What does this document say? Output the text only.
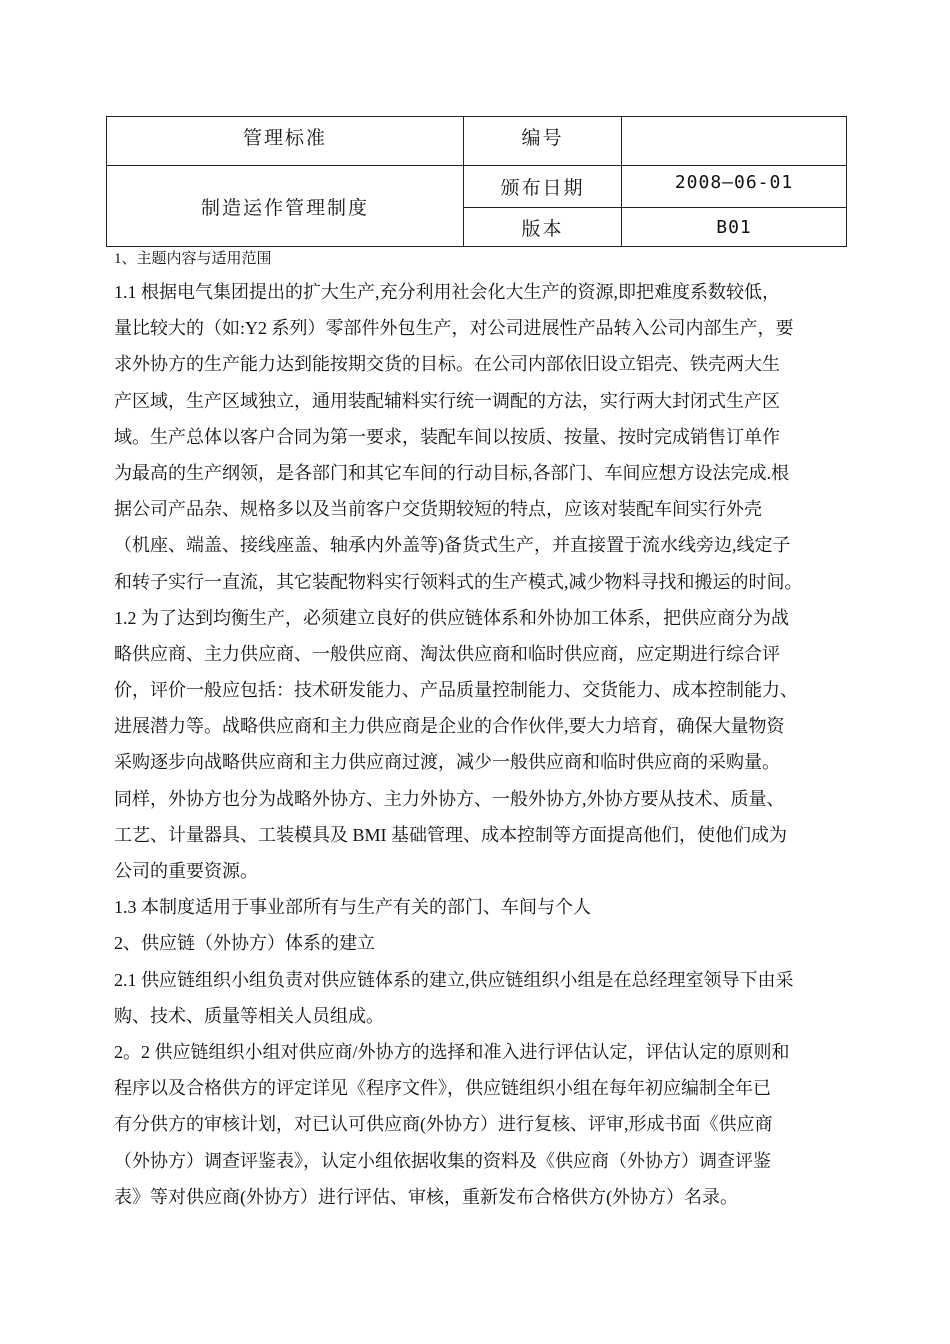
管理标准	编号	
制造运作管理制度	颁布日期	2008—06-01
	版本	B01

1、主题内容与适用范围

1.1 根据电气集团提出的扩大生产,充分利用社会化大生产的资源,即把难度系数较低，
量比较大的（如:Y2 系列）零部件外包生产，对公司进展性产品转入公司内部生产，要
求外协方的生产能力达到能按期交货的目标。在公司内部依旧设立铝壳、铁壳两大生
产区域，生产区域独立，通用装配辅料实行统一调配的方法，实行两大封闭式生产区
域。生产总体以客户合同为第一要求，装配车间以按质、按量、按时完成销售订单作
为最高的生产纲领，是各部门和其它车间的行动目标,各部门、车间应想方设法完成.根
据公司产品杂、规格多以及当前客户交货期较短的特点，应该对装配车间实行外壳
（机座、端盖、接线座盖、轴承内外盖等)备货式生产，并直接置于流水线旁边,线定子
和转子实行一直流，其它装配物料实行领料式的生产模式,减少物料寻找和搬运的时间。
1.2 为了达到均衡生产，必须建立良好的供应链体系和外协加工体系，把供应商分为战
略供应商、主力供应商、一般供应商、淘汰供应商和临时供应商，应定期进行综合评
价，评价一般应包括：技术研发能力、产品质量控制能力、交货能力、成本控制能力、
进展潜力等。战略供应商和主力供应商是企业的合作伙伴,要大力培育，确保大量物资
采购逐步向战略供应商和主力供应商过渡，减少一般供应商和临时供应商的采购量。
同样，外协方也分为战略外协方、主力外协方、一般外协方,外协方要从技术、质量、
工艺、计量器具、工装模具及 BMI 基础管理、成本控制等方面提高他们，使他们成为
公司的重要资源。
1.3 本制度适用于事业部所有与生产有关的部门、车间与个人
2、供应链（外协方）体系的建立
2.1 供应链组织小组负责对供应链体系的建立,供应链组织小组是在总经理室领导下由采
购、技术、质量等相关人员组成。
2。2 供应链组织小组对供应商/外协方的选择和准入进行评估认定，评估认定的原则和
程序以及合格供方的评定详见《程序文件》，供应链组织小组在每年初应编制全年已
有分供方的审核计划，对已认可供应商(外协方）进行复核、评审,形成书面《供应商
（外协方）调查评鉴表》，认定小组依据收集的资料及《供应商（外协方）调查评鉴
表》等对供应商(外协方）进行评估、审核，重新发布合格供方(外协方）名录。
